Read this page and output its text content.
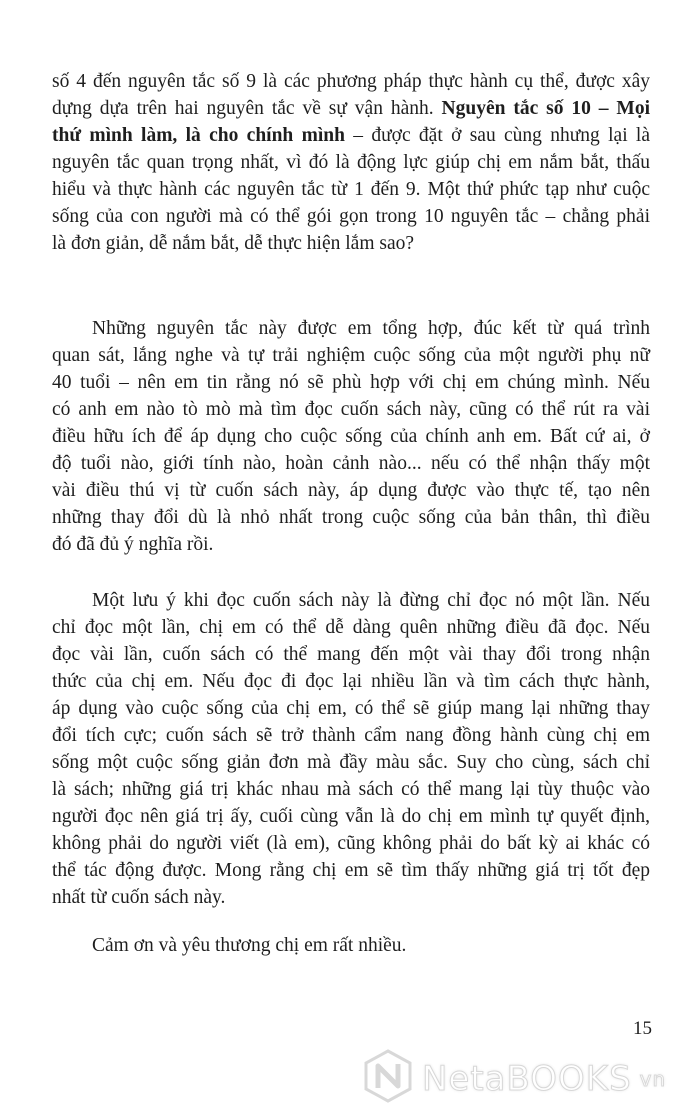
số 4 đến nguyên tắc số 9 là các phương pháp thực hành cụ thể, được xây
dựng dựa trên hai nguyên tắc về sự vận hành. Nguyên tắc số 10 – Mọi
thứ mình làm, là cho chính mình – được đặt ở sau cùng nhưng lại là
nguyên tắc quan trọng nhất, vì đó là động lực giúp chị em nắm bắt, thấu
hiểu và thực hành các nguyên tắc từ 1 đến 9. Một thứ phức tạp như cuộc
sống của con người mà có thể gói gọn trong 10 nguyên tắc – chẳng phải
là đơn giản, dễ nắm bắt, dễ thực hiện lắm sao?
Những nguyên tắc này được em tổng hợp, đúc kết từ quá trình
quan sát, lắng nghe và tự trải nghiệm cuộc sống của một người phụ nữ
40 tuổi – nên em tin rằng nó sẽ phù hợp với chị em chúng mình. Nếu
có anh em nào tò mò mà tìm đọc cuốn sách này, cũng có thể rút ra vài
điều hữu ích để áp dụng cho cuộc sống của chính anh em. Bất cứ ai, ở
độ tuổi nào, giới tính nào, hoàn cảnh nào... nếu có thể nhận thấy một
vài điều thú vị từ cuốn sách này, áp dụng được vào thực tế, tạo nên
những thay đổi dù là nhỏ nhất trong cuộc sống của bản thân, thì điều
đó đã đủ ý nghĩa rồi.
Một lưu ý khi đọc cuốn sách này là đừng chỉ đọc nó một lần. Nếu
chỉ đọc một lần, chị em có thể dễ dàng quên những điều đã đọc. Nếu
đọc vài lần, cuốn sách có thể mang đến một vài thay đổi trong nhận
thức của chị em. Nếu đọc đi đọc lại nhiều lần và tìm cách thực hành,
áp dụng vào cuộc sống của chị em, có thể sẽ giúp mang lại những thay
đổi tích cực; cuốn sách sẽ trở thành cẩm nang đồng hành cùng chị em
sống một cuộc sống giản đơn mà đầy màu sắc. Suy cho cùng, sách chỉ
là sách; những giá trị khác nhau mà sách có thể mang lại tùy thuộc vào
người đọc nên giá trị ấy, cuối cùng vẫn là do chị em mình tự quyết định,
không phải do người viết (là em), cũng không phải do bất kỳ ai khác có
thể tác động được. Mong rằng chị em sẽ tìm thấy những giá trị tốt đẹp
nhất từ cuốn sách này.
Cảm ơn và yêu thương chị em rất nhiều.
15
NetaBOOKS vn
